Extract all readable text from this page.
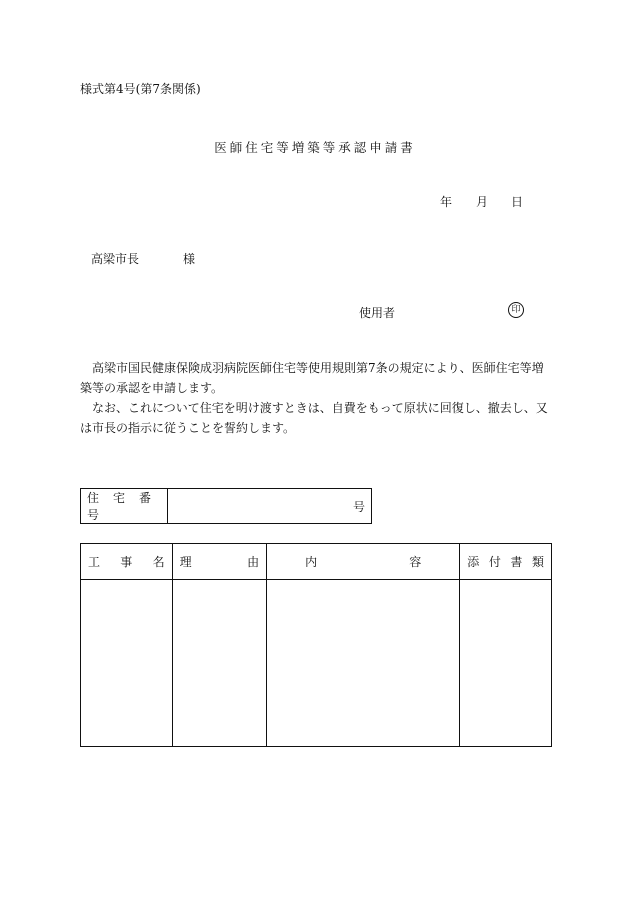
様式第4号(第7条関係)
医師住宅等増築等承認申請書
年 月 日
高梁市長	様
使用者	印
高梁市国民健康保険成羽病院医師住宅等使用規則第7条の規定により、医師住宅等増築等の承認を申請します。
なお、これについて住宅を明け渡すときは、自費をもって原状に回復し、撤去し、又は市長の指示に従うことを誓約します。
住宅番号	号
工 事 名	理 由	内 容	添 付 書 類
